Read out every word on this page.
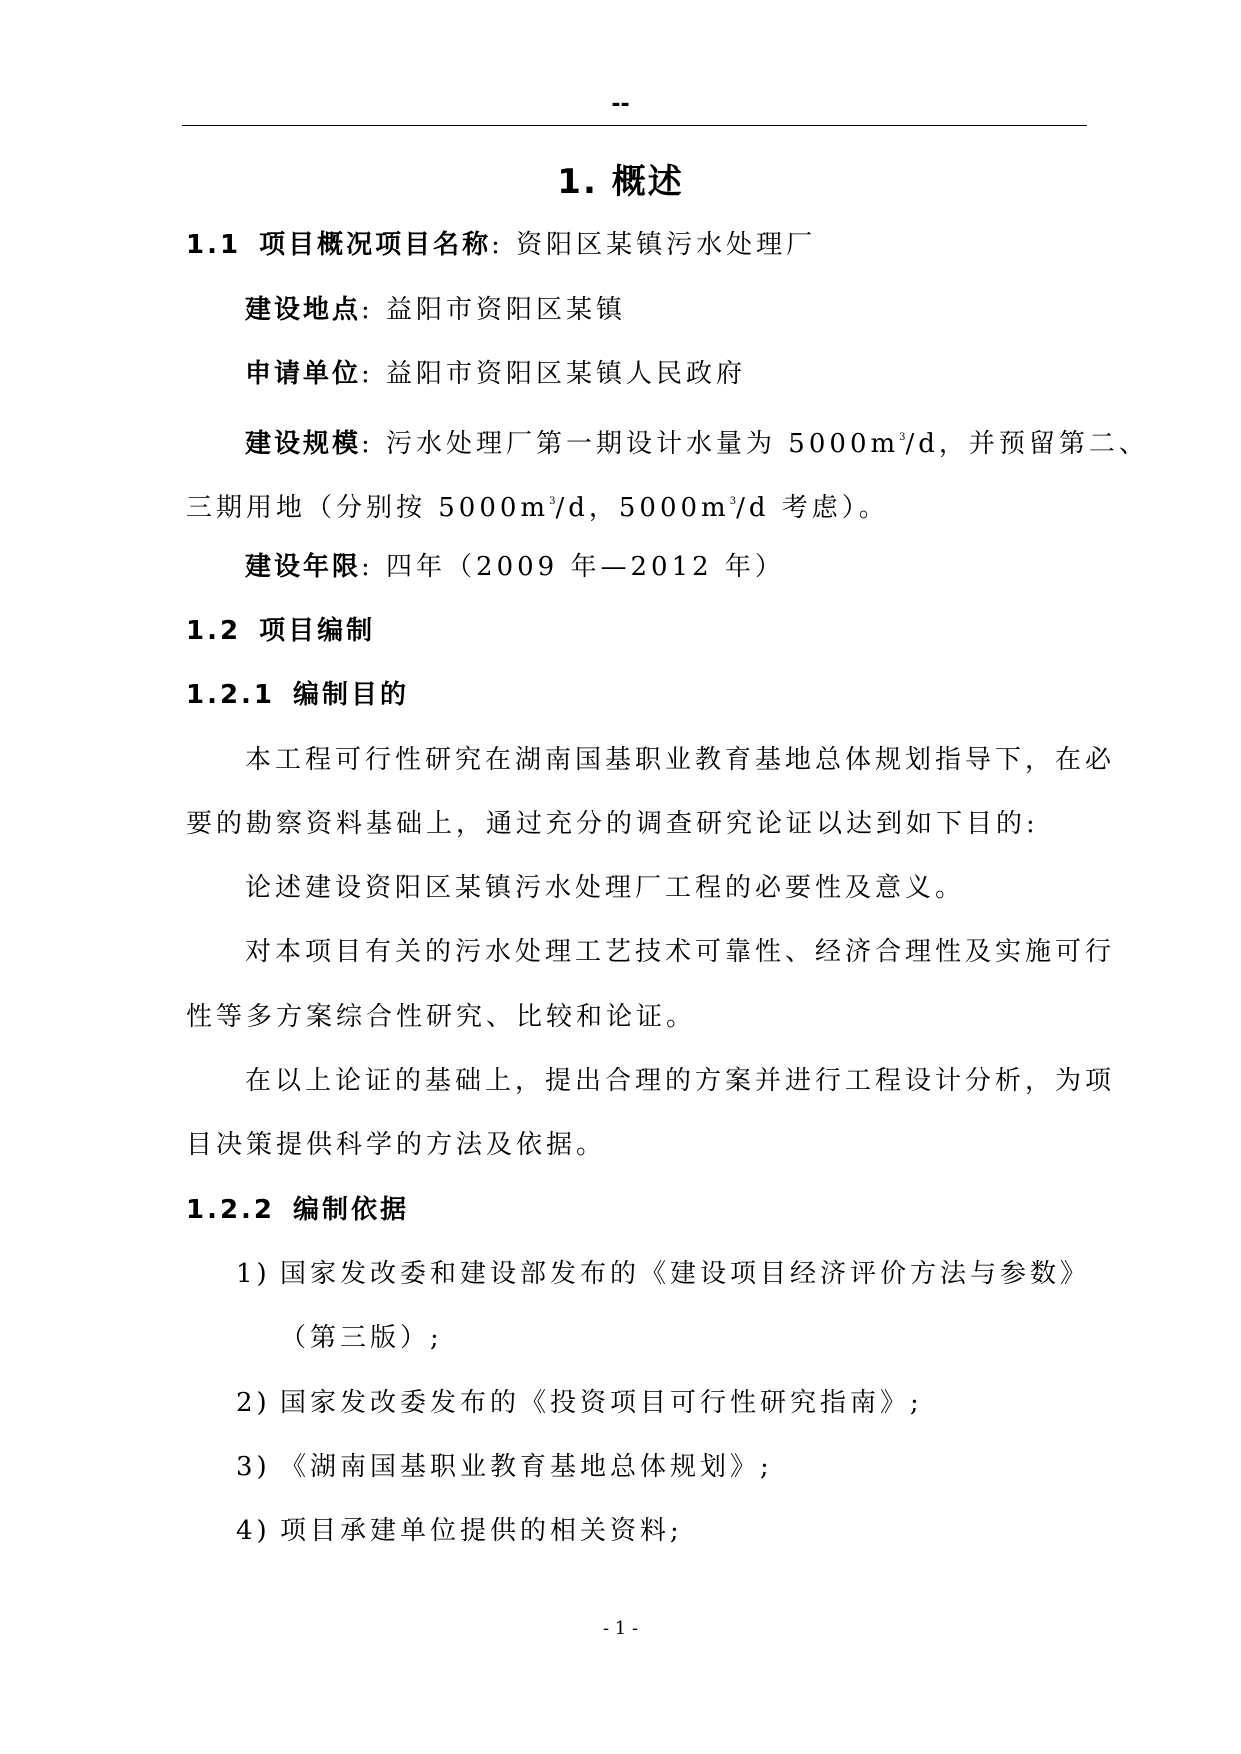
--
1. 概述
1.1 项目概况项目名称: 资阳区某镇污水处理厂
建设地点: 益阳市资阳区某镇
申请单位: 益阳市资阳区某镇人民政府
建设规模: 污水处理厂第一期设计水量为 $5000m^3/d$，并预留第二、
三期用地（分别按 $5000m^3/d$，$5000m^3/d$ 考虑）。
建设年限: 四年（2009 年—2012 年）
1.2 项目编制
1.2.1 编制目的
本工程可行性研究在湖南国基职业教育基地总体规划指导下，在必
要的勘察资料基础上，通过充分的调查研究论证以达到如下目的:
论述建设资阳区某镇污水处理厂工程的必要性及意义。
对本项目有关的污水处理工艺技术可靠性、经济合理性及实施可行
性等多方案综合性研究、比较和论证。
在以上论证的基础上，提出合理的方案并进行工程设计分析，为项
目决策提供科学的方法及依据。
1.2.2 编制依据
1) 国家发改委和建设部发布的《建设项目经济评价方法与参数》
（第三版）;
2) 国家发改委发布的《投资项目可行性研究指南》;
3) 《湖南国基职业教育基地总体规划》;
4) 项目承建单位提供的相关资料;
- 1 -
